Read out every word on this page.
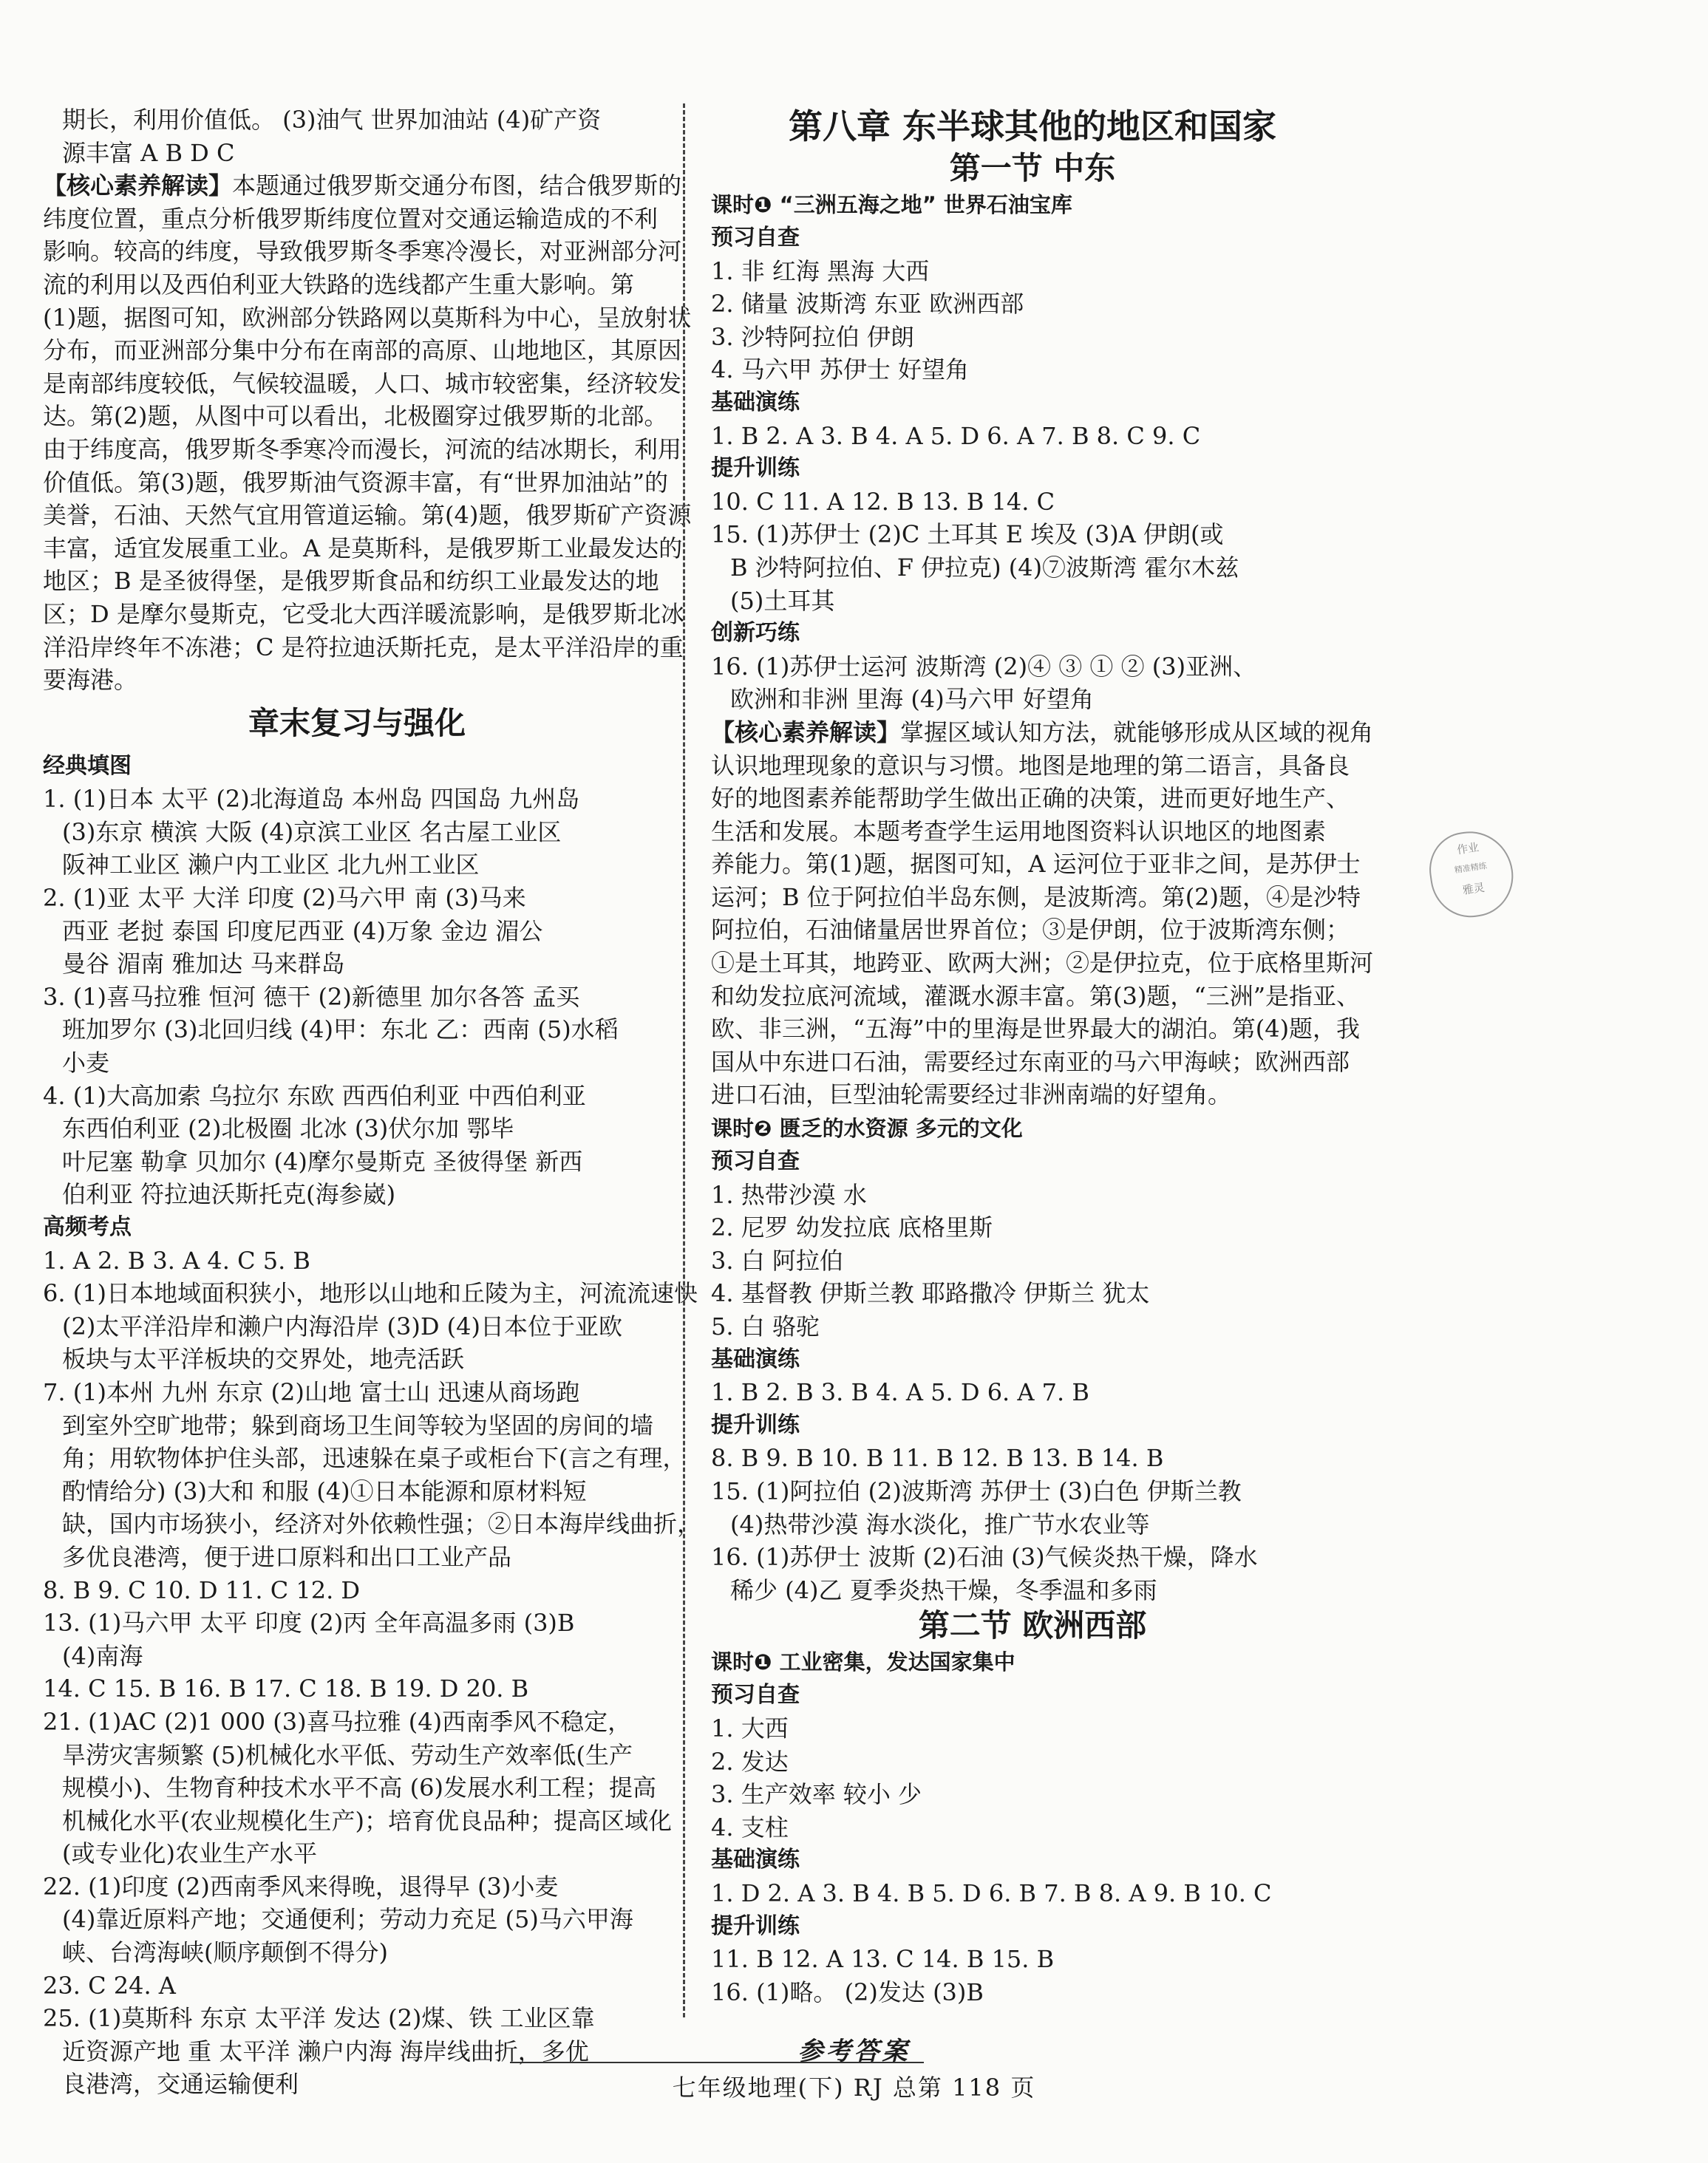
期长，利用价值低。 (3)油气 世界加油站 (4)矿产资

源丰富 A B D C

【核心素养解读】本题通过俄罗斯交通分布图，结合俄罗斯的

纬度位置，重点分析俄罗斯纬度位置对交通运输造成的不利

影响。较高的纬度，导致俄罗斯冬季寒冷漫长，对亚洲部分河

流的利用以及西伯利亚大铁路的选线都产生重大影响。第

(1)题，据图可知，欧洲部分铁路网以莫斯科为中心，呈放射状

分布，而亚洲部分集中分布在南部的高原、山地地区，其原因

是南部纬度较低，气候较温暖，人口、城市较密集，经济较发

达。第(2)题，从图中可以看出，北极圈穿过俄罗斯的北部。

由于纬度高，俄罗斯冬季寒冷而漫长，河流的结冰期长，利用

价值低。第(3)题，俄罗斯油气资源丰富，有“世界加油站”的

美誉，石油、天然气宜用管道运输。第(4)题，俄罗斯矿产资源

丰富，适宜发展重工业。A 是莫斯科，是俄罗斯工业最发达的

地区；B 是圣彼得堡，是俄罗斯食品和纺织工业最发达的地

区；D 是摩尔曼斯克，它受北大西洋暖流影响，是俄罗斯北冰

洋沿岸终年不冻港；C 是符拉迪沃斯托克，是太平洋沿岸的重

要海港。

章末复习与强化
经典填图

1. (1)日本 太平 (2)北海道岛 本州岛 四国岛 九州岛

(3)东京 横滨 大阪 (4)京滨工业区 名古屋工业区

阪神工业区 濑户内工业区 北九州工业区

2. (1)亚 太平 大洋 印度 (2)马六甲 南 (3)马来

西亚 老挝 泰国 印度尼西亚 (4)万象 金边 湄公

曼谷 湄南 雅加达 马来群岛

3. (1)喜马拉雅 恒河 德干 (2)新德里 加尔各答 孟买

班加罗尔 (3)北回归线 (4)甲：东北 乙：西南 (5)水稻

小麦

4. (1)大高加索 乌拉尔 东欧 西西伯利亚 中西伯利亚

东西伯利亚 (2)北极圈 北冰 (3)伏尔加 鄂毕

叶尼塞 勒拿 贝加尔 (4)摩尔曼斯克 圣彼得堡 新西

伯利亚 符拉迪沃斯托克(海参崴)

高频考点

1. A 2. B 3. A 4. C 5. B

6. (1)日本地域面积狭小，地形以山地和丘陵为主，河流流速快

(2)太平洋沿岸和濑户内海沿岸 (3)D (4)日本位于亚欧

板块与太平洋板块的交界处，地壳活跃

7. (1)本州 九州 东京 (2)山地 富士山 迅速从商场跑

到室外空旷地带；躲到商场卫生间等较为坚固的房间的墙

角；用软物体护住头部，迅速躲在桌子或柜台下(言之有理，

酌情给分) (3)大和 和服 (4)①日本能源和原材料短

缺，国内市场狭小，经济对外依赖性强；②日本海岸线曲折，

多优良港湾，便于进口原料和出口工业产品

8. B 9. C 10. D 11. C 12. D

13. (1)马六甲 太平 印度 (2)丙 全年高温多雨 (3)B

(4)南海

14. C 15. B 16. B 17. C 18. B 19. D 20. B

21. (1)AC (2)1 000 (3)喜马拉雅 (4)西南季风不稳定，

旱涝灾害频繁 (5)机械化水平低、劳动生产效率低(生产

规模小)、生物育种技术水平不高 (6)发展水利工程；提高

机械化水平(农业规模化生产)；培育优良品种；提高区域化

(或专业化)农业生产水平

22. (1)印度 (2)西南季风来得晚，退得早 (3)小麦

(4)靠近原料产地；交通便利；劳动力充足 (5)马六甲海

峡、台湾海峡(顺序颠倒不得分)

23. C 24. A

25. (1)莫斯科 东京 太平洋 发达 (2)煤、铁 工业区靠

近资源产地 重 太平洋 濑户内海 海岸线曲折，多优

良港湾，交通运输便利

第八章 东半球其他的地区和国家
第一节 中东
课时❶ “三洲五海之地” 世界石油宝库
预习自查

1. 非 红海 黑海 大西

2. 储量 波斯湾 东亚 欧洲西部

3. 沙特阿拉伯 伊朗

4. 马六甲 苏伊士 好望角

基础演练

1. B 2. A 3. B 4. A 5. D 6. A 7. B 8. C 9. C

提升训练

10. C 11. A 12. B 13. B 14. C

15. (1)苏伊士 (2)C 土耳其 E 埃及 (3)A 伊朗(或

B 沙特阿拉伯、F 伊拉克) (4)⑦波斯湾 霍尔木兹

(5)土耳其

创新巧练

16. (1)苏伊士运河 波斯湾 (2)④ ③ ① ② (3)亚洲、

欧洲和非洲 里海 (4)马六甲 好望角

【核心素养解读】掌握区域认知方法，就能够形成从区域的视角

认识地理现象的意识与习惯。地图是地理的第二语言，具备良

好的地图素养能帮助学生做出正确的决策，进而更好地生产、

生活和发展。本题考查学生运用地图资料认识地区的地图素

养能力。第(1)题，据图可知，A 运河位于亚非之间，是苏伊士

运河；B 位于阿拉伯半岛东侧，是波斯湾。第(2)题，④是沙特

阿拉伯，石油储量居世界首位；③是伊朗，位于波斯湾东侧；

①是土耳其，地跨亚、欧两大洲；②是伊拉克，位于底格里斯河

和幼发拉底河流域，灌溉水源丰富。第(3)题，“三洲”是指亚、

欧、非三洲，“五海”中的里海是世界最大的湖泊。第(4)题，我

国从中东进口石油，需要经过东南亚的马六甲海峡；欧洲西部

进口石油，巨型油轮需要经过非洲南端的好望角。

课时❷ 匮乏的水资源 多元的文化
预习自查

1. 热带沙漠 水

2. 尼罗 幼发拉底 底格里斯

3. 白 阿拉伯

4. 基督教 伊斯兰教 耶路撒冷 伊斯兰 犹太

5. 白 骆驼

基础演练

1. B 2. B 3. B 4. A 5. D 6. A 7. B

提升训练

8. B 9. B 10. B 11. B 12. B 13. B 14. B

15. (1)阿拉伯 (2)波斯湾 苏伊士 (3)白色 伊斯兰教

(4)热带沙漠 海水淡化，推广节水农业等

16. (1)苏伊士 波斯 (2)石油 (3)气候炎热干燥，降水

稀少 (4)乙 夏季炎热干燥，冬季温和多雨

第二节 欧洲西部
课时❶ 工业密集，发达国家集中
预习自查

1. 大西

2. 发达

3. 生产效率 较小 少

4. 支柱

基础演练

1. D 2. A 3. B 4. B 5. D 6. B 7. B 8. A 9. B 10. C

提升训练

11. B 12. A 13. C 14. B 15. B

16. (1)略。 (2)发达 (3)B

作业
精准精练
雅灵
参考答案
七年级地理(下) RJ 总第 118 页
